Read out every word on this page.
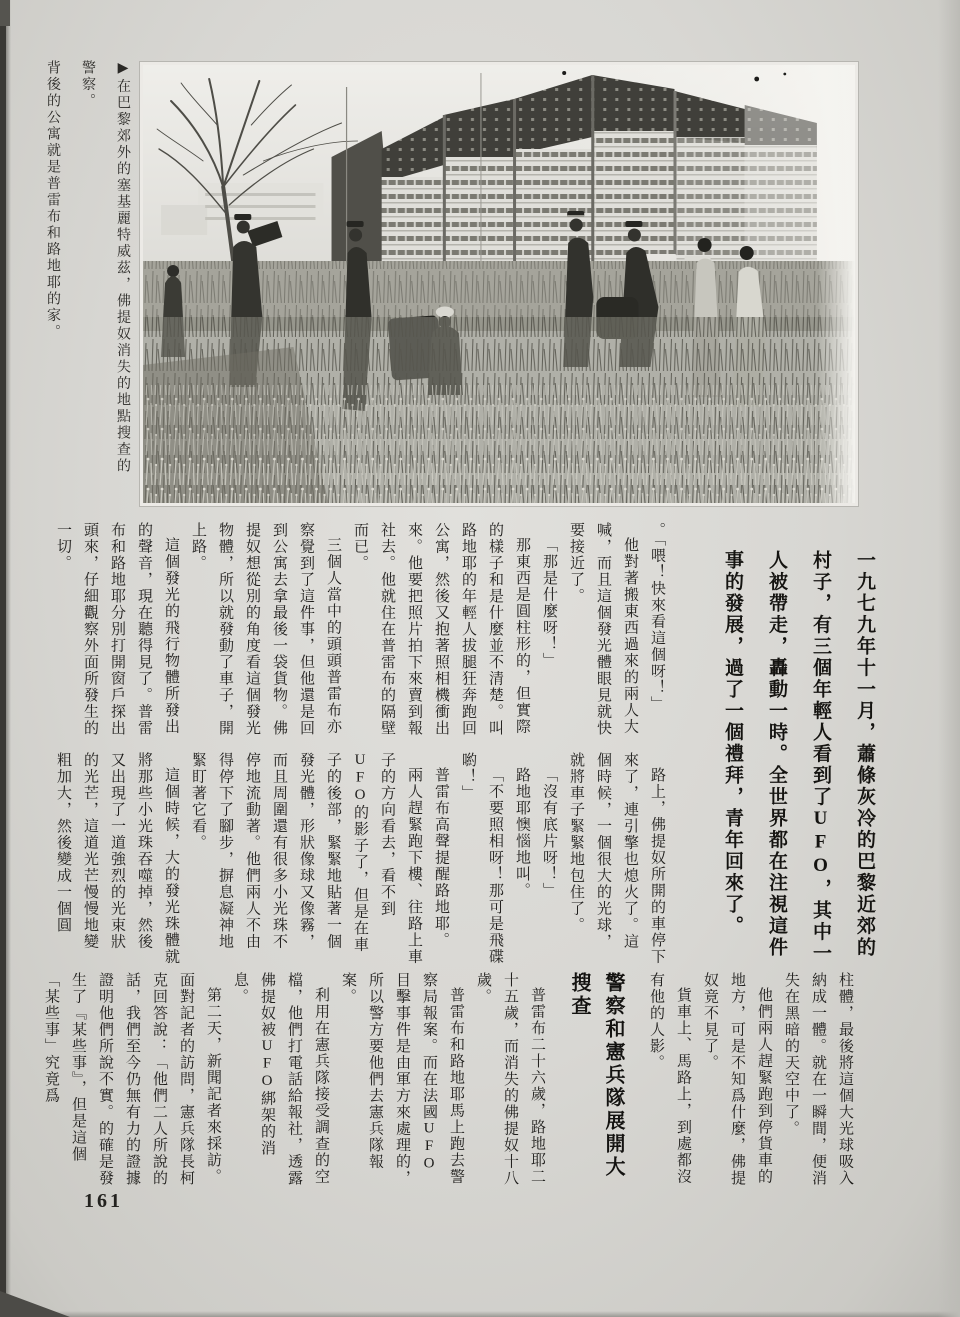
▶在巴黎郊外的塞基麗特威茲，佛提奴消失的地點搜查的警察。

背後的公寓就是普雷布和路地耶的家。

一九七九年十一月，蕭條灰冷的巴黎近郊的村子，有三個年輕人看到了UFO，其中一人被帶走，轟動一時。全世界都在注視這件事的發展，過了一個禮拜，青年回來了。

。「喂！快來看這個呀！」

他對著搬東西過來的兩人大喊，而且這個發光體眼見就快要接近了。

「那是什麼呀！」

那東西是圓柱形的，但實際的樣子和是什麼並不清楚。叫路地耶的年輕人拔腿狂奔跑回公寓，然後又抱著照相機衝出來。他要把照片拍下來賣到報社去。他就住在普雷布的隔壁而已。

三個人當中的頭頭普雷布亦察覺到了這件事，但他還是回到公寓去拿最後一袋貨物。佛提奴想從別的角度看這個發光物體，所以就發動了車子，開上路。

這個發光的飛行物體所發出的聲音，現在聽得見了。普雷布和路地耶分別打開窗戶探出頭來，仔細觀察外面所發生的一切。

路上，佛提奴所開的車停下來了，連引擎也熄火了。這個時候，一個很大的光球，就將車子緊緊地包住了。

「沒有底片呀！」

路地耶懊惱地叫。

「不要照相呀！那可是飛碟喲！」

普雷布高聲提醒路地耶。

兩人趕緊跑下樓、往路上車子的方向看去，看不到UFO的影子了，但是在車子的後部，緊緊地貼著一個發光體，形狀像球又像霧，而且周圍還有很多小光珠不停地流動著。他們兩人不由得停下了腳步，摒息凝神地緊盯著它看。

這個時候，大的發光珠體就將那些小光珠吞噬掉，然後又出現了一道強烈的光束狀的光芒，這道光芒慢慢地變粗加大，然後變成一個圓

柱體，最後將這個大光球吸入納成一體。就在一瞬間，便消失在黑暗的天空中了。

他們兩人趕緊跑到停貨車的地方，可是不知爲什麼，佛提奴竟不見了。

貨車上、馬路上，到處都沒有他的人影。

警察和憲兵隊展開大搜查

普雷布二十六歲，路地耶二十五歲，而消失的佛提奴十八歲。

普雷布和路地耶馬上跑去警察局報案。而在法國UFO目擊事件是由軍方來處理的，所以警方要他們去憲兵隊報案。

利用在憲兵隊接受調查的空檔，他們打電話給報社，透露佛提奴被UFO綁架的消息。

第二天，新聞記者來採訪。面對記者的訪問，憲兵隊長柯克回答說：「他們二人所說的話，我們至今仍無有力的證據證明他們所說不實。的確是發生了『某些事』，但是這個「某些事」究竟爲

161
